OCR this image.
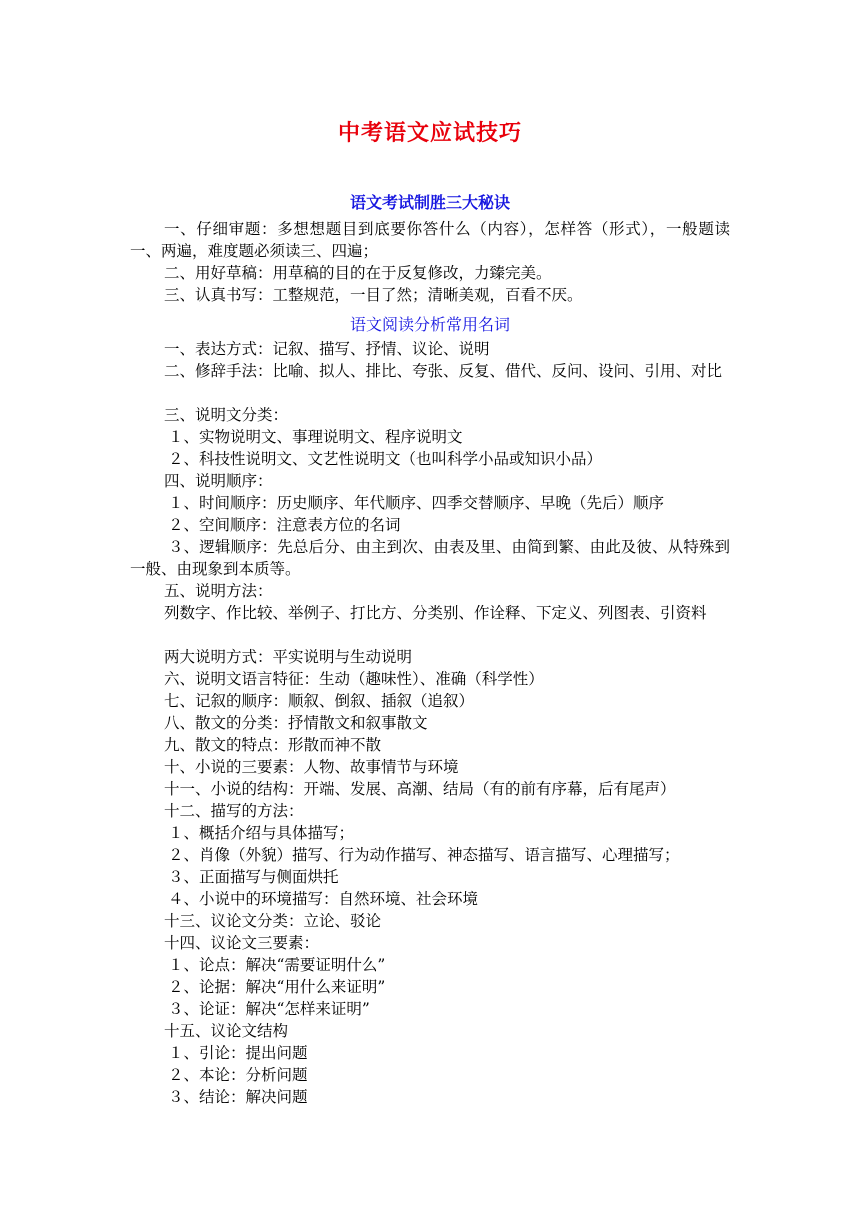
中考语文应试技巧
语文考试制胜三大秘诀
一、仔细审题：多想想题目到底要你答什么（内容），怎样答（形式），一般题读一、两遍，难度题必须读三、四遍；
二、用好草稿：用草稿的目的在于反复修改，力臻完美。
三、认真书写：工整规范，一目了然；清晰美观，百看不厌。
语文阅读分析常用名词
一、表达方式：记叙、描写、抒情、议论、说明
二、修辞手法：比喻、拟人、排比、夸张、反复、借代、反问、设问、引用、对比
三、说明文分类：
１、实物说明文、事理说明文、程序说明文
２、科技性说明文、文艺性说明文（也叫科学小品或知识小品）
四、说明顺序：
１、时间顺序：历史顺序、年代顺序、四季交替顺序、早晚（先后）顺序
２、空间顺序：注意表方位的名词
３、逻辑顺序：先总后分、由主到次、由表及里、由简到繁、由此及彼、从特殊到一般、由现象到本质等。
五、说明方法：
列数字、作比较、举例子、打比方、分类别、作诠释、下定义、列图表、引资料
两大说明方式：平实说明与生动说明
六、说明文语言特征：生动（趣味性）、准确（科学性）
七、记叙的顺序：顺叙、倒叙、插叙（追叙）
八、散文的分类：抒情散文和叙事散文
九、散文的特点：形散而神不散
十、小说的三要素：人物、故事情节与环境
十一、小说的结构：开端、发展、高潮、结局（有的前有序幕，后有尾声）
十二、描写的方法：
１、概括介绍与具体描写；
２、肖像（外貌）描写、行为动作描写、神态描写、语言描写、心理描写；
３、正面描写与侧面烘托
４、小说中的环境描写：自然环境、社会环境
十三、议论文分类：立论、驳论
十四、议论文三要素：
１、论点：解决“需要证明什么”
２、论据：解决“用什么来证明”
３、论证：解决“怎样来证明”
十五、议论文结构
１、引论：提出问题
２、本论：分析问题
３、结论：解决问题
